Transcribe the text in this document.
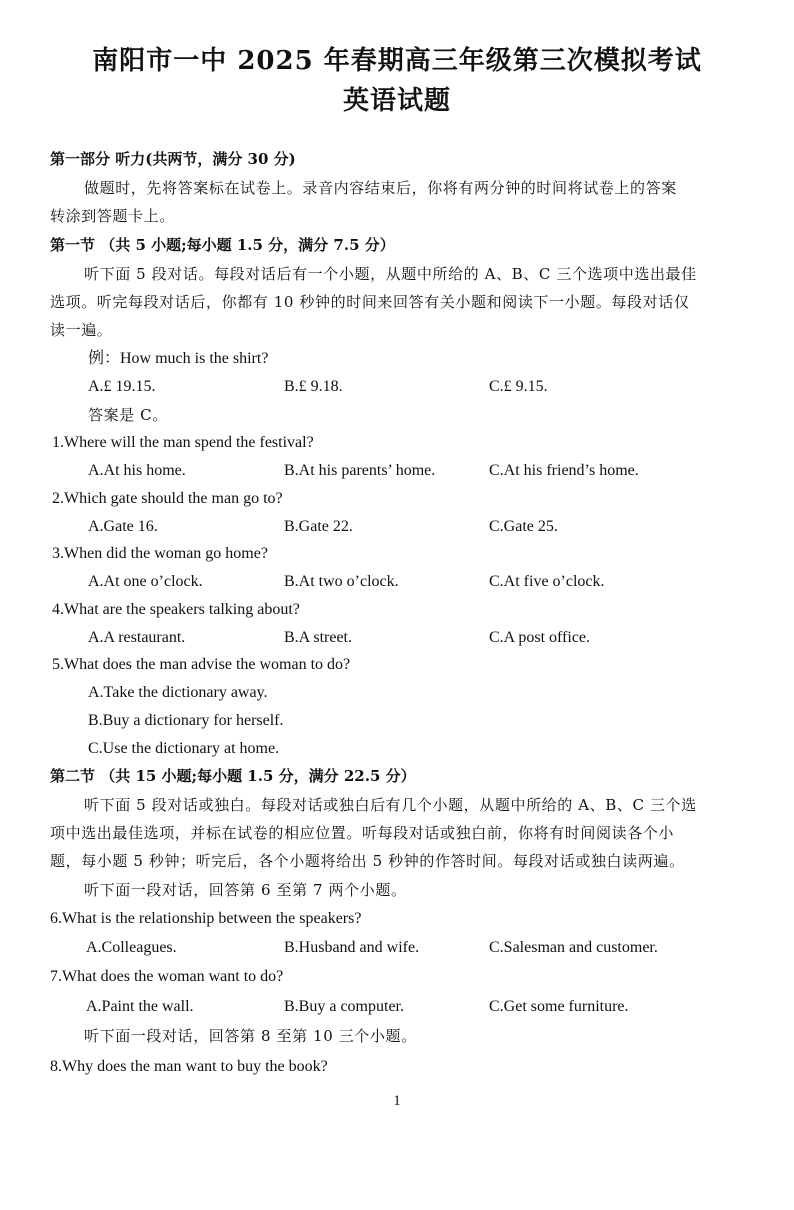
南阳市一中 2025 年春期高三年级第三次模拟考试
英语试题
第一部分 听力(共两节，满分 30 分)
做题时，先将答案标在试卷上。录音内容结束后，你将有两分钟的时间将试卷上的答案
转涂到答题卡上。
第一节 （共 5 小题;每小题 1.5 分，满分 7.5 分）
听下面 5 段对话。每段对话后有一个小题，从题中所给的 A、B、C 三个选项中选出最佳
选项。听完每段对话后，你都有 10 秒钟的时间来回答有关小题和阅读下一小题。每段对话仅
读一遍。
例：How much is the shirt?
A.£ 19.15.	B.£ 9.18.	C.£ 9.15.
答案是 C。
1.Where will the man spend the festival?
A.At his home.	B.At his parents’ home.	C.At his friend’s home.
2.Which gate should the man go to?
A.Gate 16.	B.Gate 22.	C.Gate 25.
3.When did the woman go home?
A.At one o’clock.	B.At two o’clock.	C.At five o’clock.
4.What are the speakers talking about?
A.A restaurant.	B.A street.	C.A post office.
5.What does the man advise the woman to do?
A.Take the dictionary away.
B.Buy a dictionary for herself.
C.Use the dictionary at home.
第二节 （共 15 小题;每小题 1.5 分，满分 22.5 分）
听下面 5 段对话或独白。每段对话或独白后有几个小题，从题中所给的 A、B、C 三个选
项中选出最佳选项，并标在试卷的相应位置。听每段对话或独白前，你将有时间阅读各个小
题，每小题 5 秒钟；听完后，各个小题将给出 5 秒钟的作答时间。每段对话或独白读两遍。
听下面一段对话，回答第 6 至第 7 两个小题。
6.What is the relationship between the speakers?
A.Colleagues.	B.Husband and wife.	C.Salesman and customer.
7.What does the woman want to do?
A.Paint the wall.	B.Buy a computer.	C.Get some furniture.
听下面一段对话，回答第 8 至第 10 三个小题。
8.Why does the man want to buy the book?
1
